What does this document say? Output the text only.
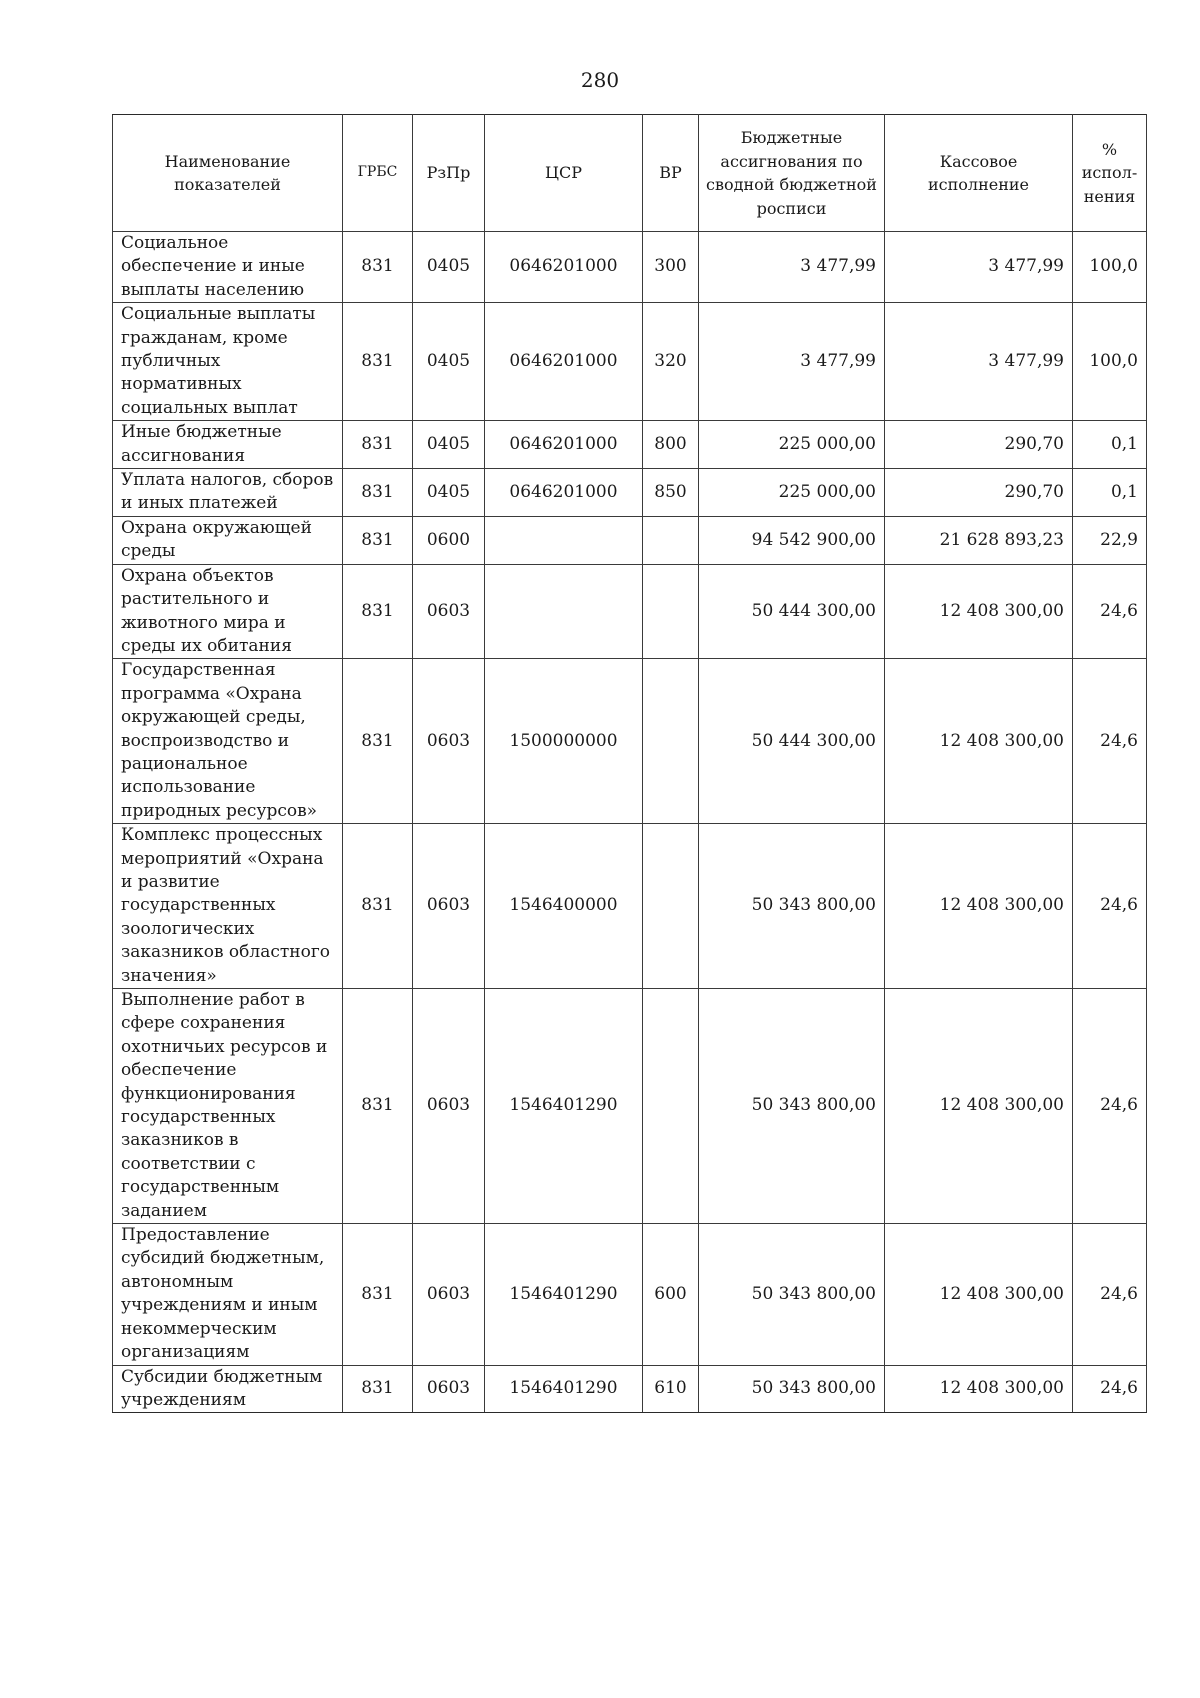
280
Наименование показателей	ГРБС	РзПр	ЦСР	ВР	Бюджетные ассигнования по сводной бюджетной росписи	Кассовое исполнение	% испол-нения
Социальное обеспечение и иные выплаты населению	831	0405	0646201000	300	3 477,99	3 477,99	100,0
Социальные выплаты гражданам, кроме публичных нормативных социальных выплат	831	0405	0646201000	320	3 477,99	3 477,99	100,0
Иные бюджетные ассигнования	831	0405	0646201000	800	225 000,00	290,70	0,1
Уплата налогов, сборов и иных платежей	831	0405	0646201000	850	225 000,00	290,70	0,1
Охрана окружающей среды	831	0600			94 542 900,00	21 628 893,23	22,9
Охрана объектов растительного и животного мира и среды их обитания	831	0603			50 444 300,00	12 408 300,00	24,6
Государственная программа «Охрана окружающей среды, воспроизводство и рациональное использование природных ресурсов»	831	0603	1500000000		50 444 300,00	12 408 300,00	24,6
Комплекс процессных мероприятий «Охрана и развитие государственных зоологических заказников областного значения»	831	0603	1546400000		50 343 800,00	12 408 300,00	24,6
Выполнение работ в сфере сохранения охотничьих ресурсов и обеспечение функционирования государственных заказников в соответствии с государственным заданием	831	0603	1546401290		50 343 800,00	12 408 300,00	24,6
Предоставление субсидий бюджетным, автономным учреждениям и иным некоммерческим организациям	831	0603	1546401290	600	50 343 800,00	12 408 300,00	24,6
Субсидии бюджетным учреждениям	831	0603	1546401290	610	50 343 800,00	12 408 300,00	24,6
